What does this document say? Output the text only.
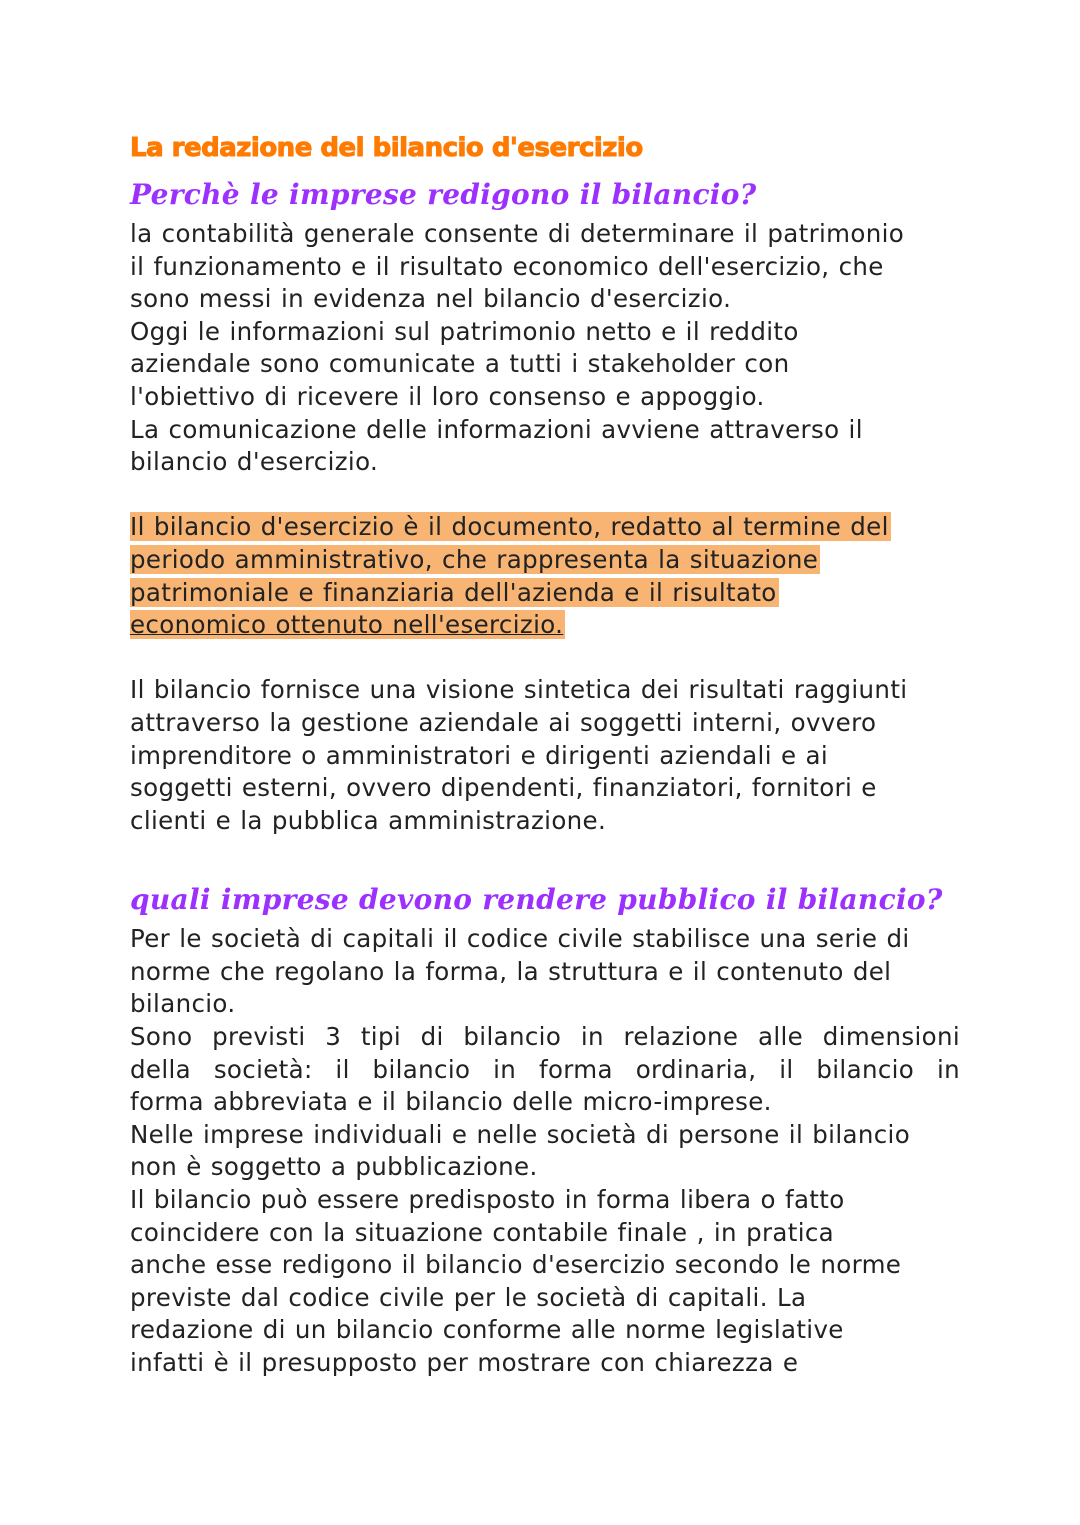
La redazione del bilancio d'esercizio
Perchè le imprese redigono il bilancio?

la contabilità generale consente di determinare il patrimonio
il funzionamento e il risultato economico dell'esercizio, che
sono messi in evidenza nel bilancio d'esercizio.
Oggi le informazioni sul patrimonio netto e il reddito
aziendale sono comunicate a tutti i stakeholder con
l'obiettivo di ricevere il loro consenso e appoggio.
La comunicazione delle informazioni avviene attraverso il
bilancio d'esercizio.

Il bilancio d'esercizio è il documento, redatto al termine del
periodo amministrativo, che rappresenta la situazione
patrimoniale e finanziaria dell'azienda e il risultato
economico ottenuto nell'esercizio.

Il bilancio fornisce una visione sintetica dei risultati raggiunti
attraverso la gestione aziendale ai soggetti interni, ovvero
imprenditore o amministratori e dirigenti aziendali e ai
soggetti esterni, ovvero dipendenti, finanziatori, fornitori e
clienti e la pubblica amministrazione.

quali imprese devono rendere pubblico il bilancio?

Per le società di capitali il codice civile stabilisce una serie di
norme che regolano la forma, la struttura e il contenuto del
bilancio.

Sono previsti 3 tipi di bilancio in relazione alle dimensioni
della società: il bilancio in forma ordinaria, il bilancio in
forma abbreviata e il bilancio delle micro-imprese.

Nelle imprese individuali e nelle società di persone il bilancio
non è soggetto a pubblicazione.
Il bilancio può essere predisposto in forma libera o fatto
coincidere con la situazione contabile finale , in pratica
anche esse redigono il bilancio d'esercizio secondo le norme
previste dal codice civile per le società di capitali. La
redazione di un bilancio conforme alle norme legislative
infatti è il presupposto per mostrare con chiarezza e
